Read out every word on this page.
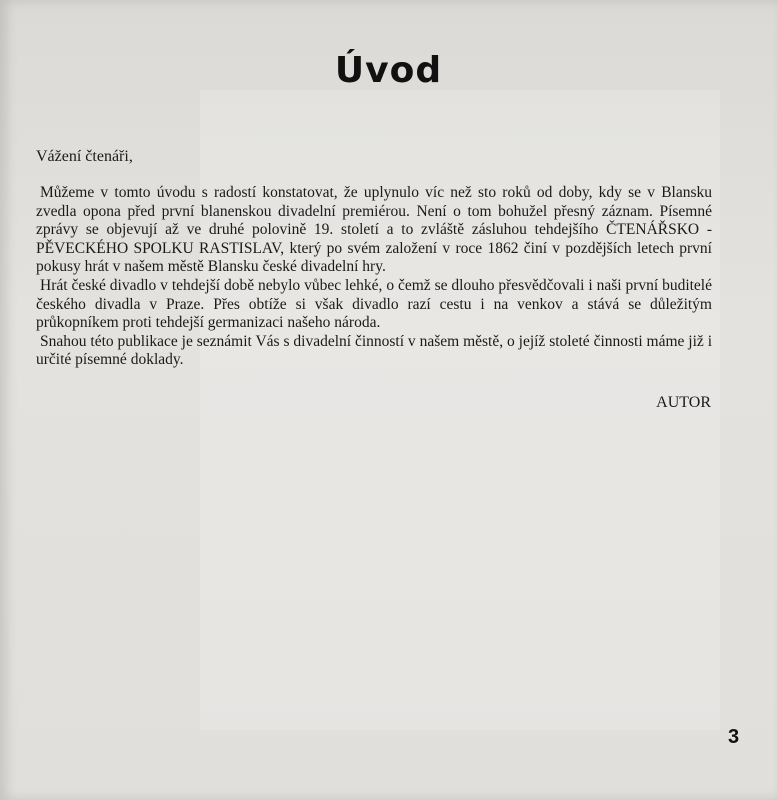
Úvod
Vážení čtenáři,

Můžeme v tomto úvodu s radostí konstatovat, že uplynulo víc než sto roků od doby, kdy se v Blansku zvedla opona před první blanenskou divadelní premiérou. Není o tom bohužel přesný záznam. Písemné zprávy se objevují až ve druhé polovině 19. století a to zvláště zásluhou tehdejšího ČTENÁŘSKO - PĚVECKÉHO SPOLKU RASTISLAV, který po svém založení v roce 1862 činí v pozdějších letech první pokusy hrát v našem městě Blansku české divadelní hry.

Hrát české divadlo v tehdejší době nebylo vůbec lehké, o čemž se dlouho přesvědčovali i naši první buditelé českého divadla v Praze. Přes obtíže si však divadlo razí cestu i na venkov a stává se důležitým průkopníkem proti tehdejší germanizaci našeho národa.

Snahou této publikace je seznámit Vás s divadelní činností v našem městě, o jejíž stoleté činnosti máme již i určité písemné doklady.

AUTOR
3
